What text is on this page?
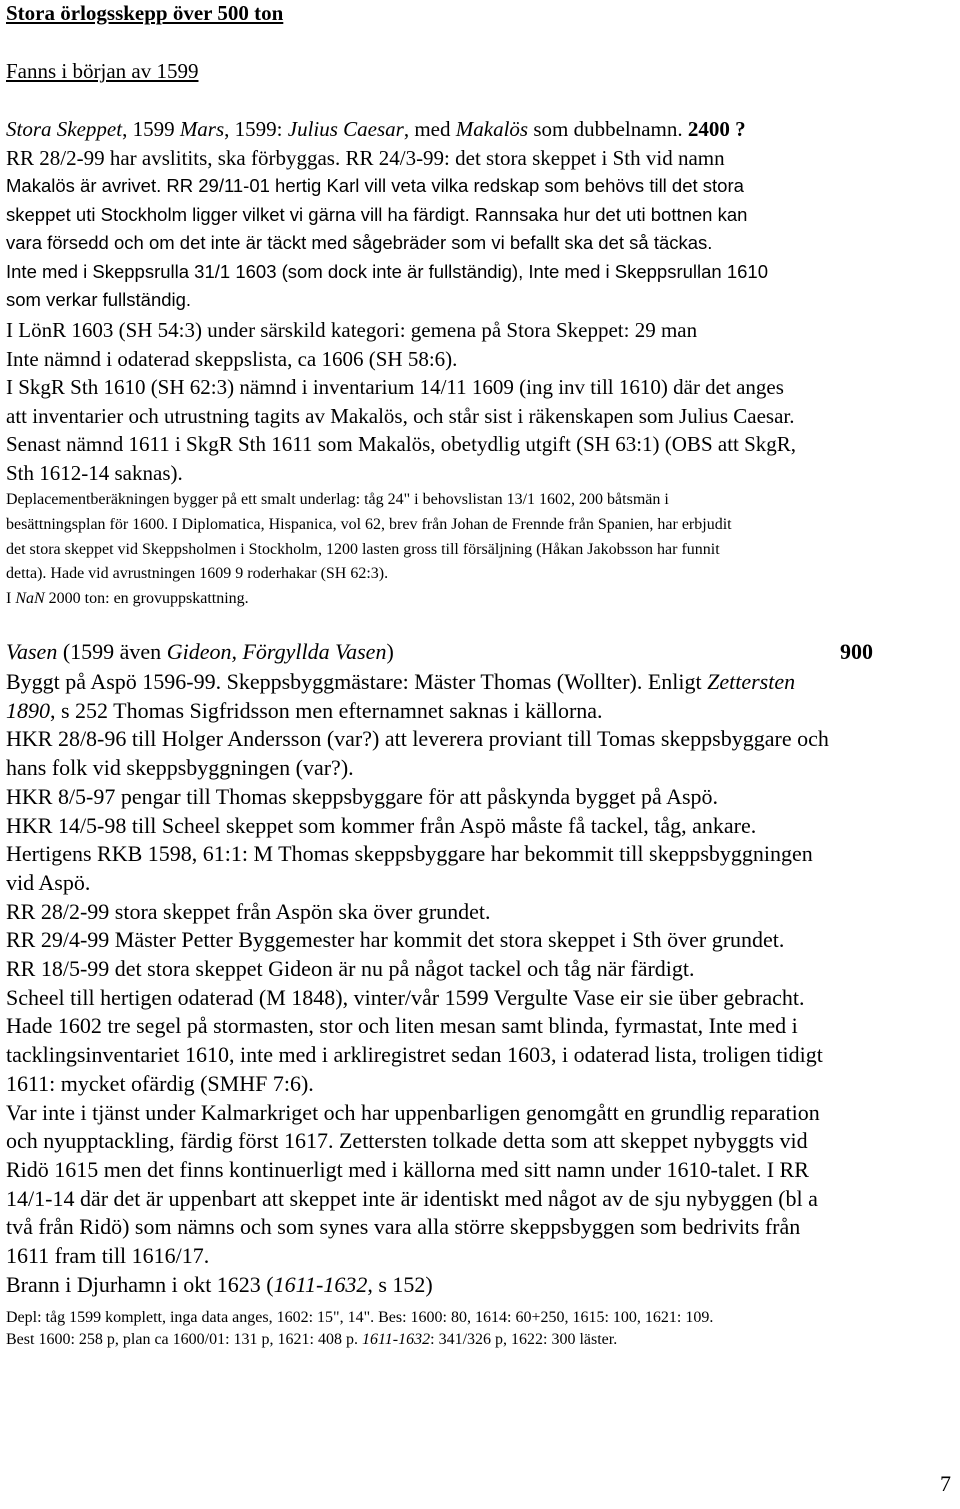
Stora örlogsskepp över 500 ton
Fanns i början av 1599
Stora Skeppet, 1599 Mars, 1599: Julius Caesar, med Makalös som dubbelnamn. 2400 ?
RR 28/2-99 har avslitits, ska förbyggas. RR 24/3-99: det stora skeppet i Sth vid namn
Makalös är avrivet. RR 29/11-01 hertig Karl vill veta vilka redskap som behövs till det stora
skeppet uti Stockholm ligger vilket vi gärna vill ha färdigt. Rannsaka hur det uti bottnen kan
vara försedd och om det inte är täckt med sågebräder som vi befallt ska det så täckas.
Inte med i Skeppsrulla 31/1 1603 (som dock inte är fullständig), Inte med i Skeppsrullan 1610
som verkar fullständig.
I LönR 1603 (SH 54:3) under särskild kategori: gemena på Stora Skeppet: 29 man
Inte nämnd i odaterad skeppslista, ca 1606 (SH 58:6).
I SkgR Sth 1610 (SH 62:3) nämnd i inventarium 14/11 1609 (ing inv till 1610) där det anges
att inventarier och utrustning tagits av Makalös, och står sist i räkenskapen som Julius Caesar.
Senast nämnd 1611 i SkgR Sth 1611 som Makalös, obetydlig utgift (SH 63:1) (OBS att SkgR,
Sth 1612-14 saknas).
Deplacementberäkningen bygger på ett smalt underlag: tåg 24" i behovslistan 13/1 1602, 200 båtsmän i
besättningsplan för 1600. I Diplomatica, Hispanica, vol 62, brev från Johan de Frennde från Spanien, har erbjudit
det stora skeppet vid Skeppsholmen i Stockholm, 1200 lasten gross till försäljning (Håkan Jakobsson har funnit
detta). Hade vid avrustningen 1609 9 roderhakar (SH 62:3).
I NaN 2000 ton: en grovuppskattning.
Vasen (1599 även Gideon, Förgyllda Vasen)	900
Byggt på Aspö 1596-99. Skeppsbyggmästare: Mäster Thomas (Wollter). Enligt Zettersten
1890, s 252 Thomas Sigfridsson men efternamnet saknas i källorna.
HKR 28/8-96 till Holger Andersson (var?) att leverera proviant till Tomas skeppsbyggare och
hans folk vid skeppsbyggningen (var?).
HKR 8/5-97 pengar till Thomas skeppsbyggare för att påskynda bygget på Aspö.
HKR 14/5-98 till Scheel skeppet som kommer från Aspö måste få tackel, tåg, ankare.
Hertigens RKB 1598, 61:1: M Thomas skeppsbyggare har bekommit till skeppsbyggningen
vid Aspö.
RR 28/2-99 stora skeppet från Aspön ska över grundet.
RR 29/4-99 Mäster Petter Byggemester har kommit det stora skeppet i Sth över grundet.
RR 18/5-99 det stora skeppet Gideon är nu på något tackel och tåg när färdigt.
Scheel till hertigen odaterad (M 1848), vinter/vår 1599 Vergulte Vase eir sie über gebracht.
Hade 1602 tre segel på stormasten, stor och liten mesan samt blinda, fyrmastat, Inte med i
tacklingsinventariet 1610, inte med i arkliregistret sedan 1603, i odaterad lista, troligen tidigt
1611: mycket ofärdig (SMHF 7:6).
Var inte i tjänst under Kalmarkriget och har uppenbarligen genomgått en grundlig reparation
och nyupptackling, färdig först 1617. Zettersten tolkade detta som att skeppet nybyggts vid
Ridö 1615 men det finns kontinuerligt med i källorna med sitt namn under 1610-talet. I RR
14/1-14 där det är uppenbart att skeppet inte är identiskt med något av de sju nybyggen (bl a
två från Ridö) som nämns och som synes vara alla större skeppsbyggen som bedrivits från
1611 fram till 1616/17.
Brann i Djurhamn i okt 1623 (1611-1632, s 152)
Depl: tåg 1599 komplett, inga data anges, 1602: 15", 14". Bes: 1600: 80, 1614: 60+250, 1615: 100, 1621: 109.
Best 1600: 258 p, plan ca 1600/01: 131 p, 1621: 408 p. 1611-1632: 341/326 p, 1622: 300 läster.
7
